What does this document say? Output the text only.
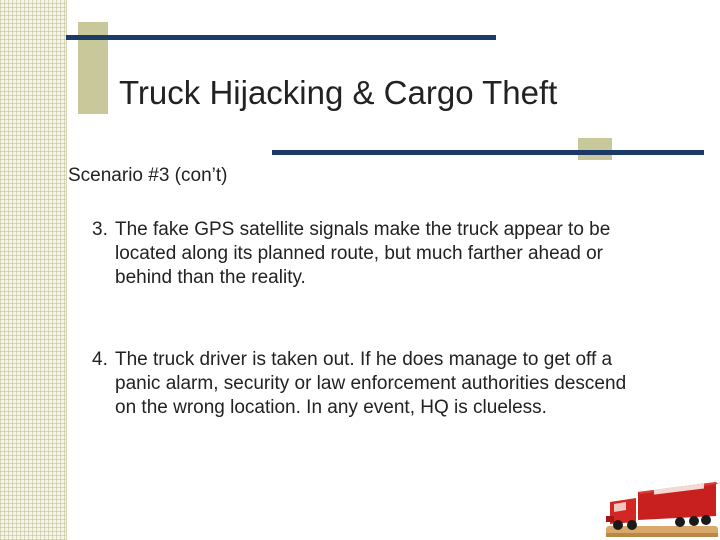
Truck Hijacking & Cargo Theft
Scenario #3 (con’t)
3. The fake GPS satellite signals make the truck appear to be located along its planned route, but much farther ahead or behind than the reality.
4. The truck driver is taken out. If he does manage to get off a panic alarm, security or law enforcement authorities descend on the wrong location. In any event, HQ is clueless.
